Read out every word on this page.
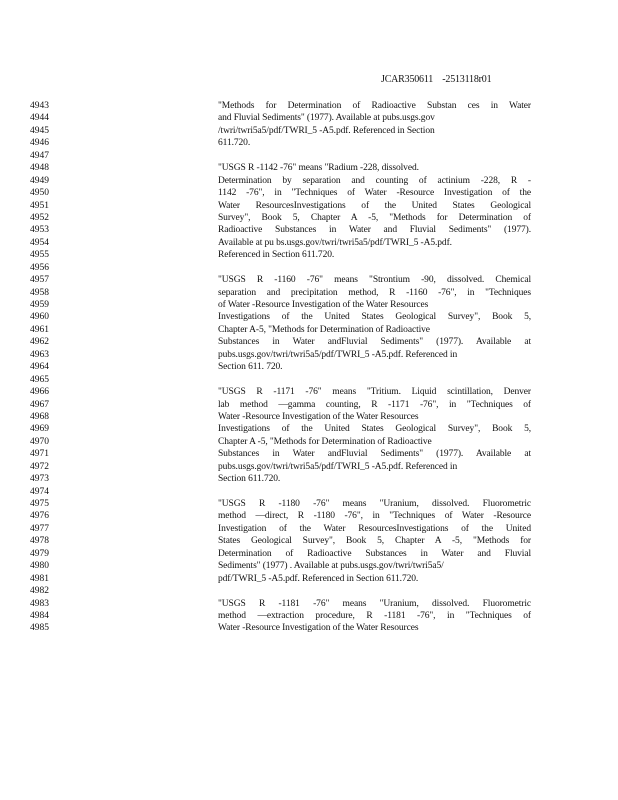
JCAR350611    -2513118r01
4943	"Methods for Determination of Radioactive Substan ces in Water
4944	and Fluvial Sediments" (1977). Available at pubs.usgs.gov
4945	/twri/twri5a5/pdf/TWRI_5 -A5.pdf. Referenced in Section
4946	611.720.
4947
4948	"USGS R -1142 -76" means "Radium -228, dissolved.
4949	Determination by separation and counting of actinium -228, R -
4950	1142 -76", in "Techniques of Water -Resource Investigation of the
4951	Water ResourcesInvestigations of the United States Geological
4952	Survey", Book 5, Chapter A -5, "Methods for Determination of
4953	Radioactive Substances in Water and Fluvial Sediments" (1977).
4954	Available at pu bs.usgs.gov/twri/twri5a5/pdf/TWRI_5 -A5.pdf.
4955	Referenced in Section 611.720.
4956
4957	"USGS R -1160 -76" means "Strontium -90, dissolved. Chemical
4958	separation and precipitation method, R -1160 -76", in "Techniques
4959	of Water -Resource Investigation of the Water Resources
4960	Investigations of the United States Geological Survey", Book 5,
4961	Chapter A-5, "Methods for Determination of Radioactive
4962	Substances in Water andFluvial Sediments" (1977). Available at
4963	pubs.usgs.gov/twri/twri5a5/pdf/TWRI_5 -A5.pdf. Referenced in
4964	Section 611. 720.
4965
4966	"USGS R -1171 -76" means "Tritium. Liquid scintillation, Denver
4967	lab method —gamma counting, R -1171 -76", in "Techniques of
4968	Water -Resource Investigation of the Water Resources
4969	Investigations of the United States Geological Survey", Book 5,
4970	Chapter A -5, "Methods for Determination of Radioactive
4971	Substances in Water andFluvial Sediments" (1977). Available at
4972	pubs.usgs.gov/twri/twri5a5/pdf/TWRI_5 -A5.pdf. Referenced in
4973	Section 611.720.
4974
4975	"USGS R -1180 -76" means "Uranium, dissolved. Fluorometric
4976	method —direct, R -1180 -76", in "Techniques of Water -Resource
4977	Investigation of the Water ResourcesInvestigations of the United
4978	States Geological Survey", Book 5, Chapter A -5, "Methods for
4979	Determination of Radioactive Substances in Water and Fluvial
4980	Sediments" (1977) . Available at pubs.usgs.gov/twri/twri5a5/
4981	pdf/TWRI_5 -A5.pdf. Referenced in Section 611.720.
4982
4983	"USGS R -1181 -76" means "Uranium, dissolved. Fluorometric
4984	method —extraction procedure, R -1181 -76", in "Techniques of
4985	Water -Resource Investigation of the Water Resources
